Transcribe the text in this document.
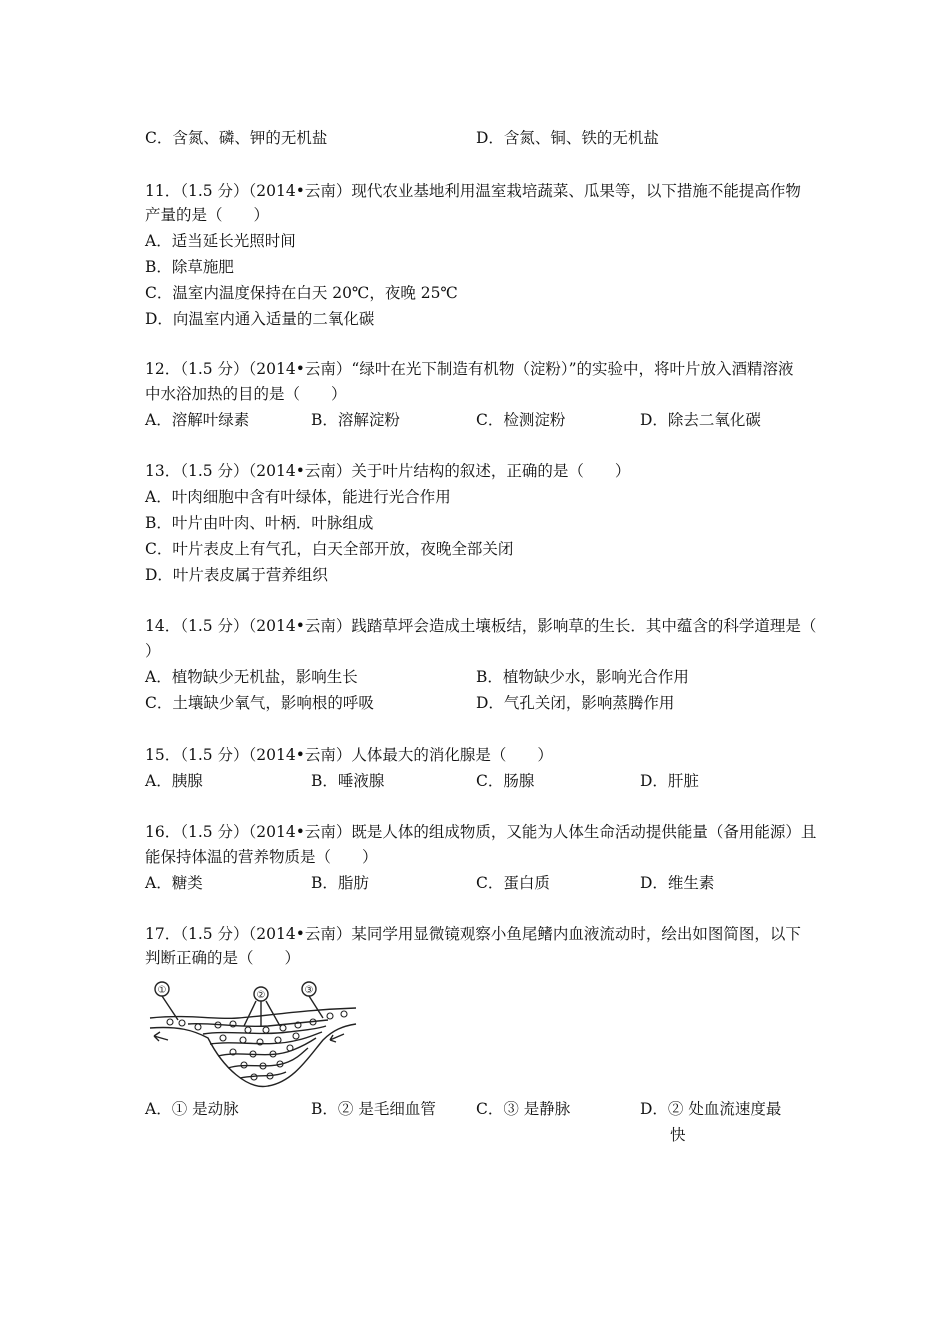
C．含氮、磷、钾的无机盐	D．含氮、铜、铁的无机盐
11．（1.5 分）（2014•云南）现代农业基地利用温室栽培蔬菜、瓜果等，以下措施不能提高作物
产量的是（　　）
A．适当延长光照时间
B．除草施肥
C．温室内温度保持在白天 20℃，夜晚 25℃
D．向温室内通入适量的二氧化碳
12．（1.5 分）（2014•云南）“绿叶在光下制造有机物（淀粉）”的实验中，将叶片放入酒精溶液
中水浴加热的目的是（　　）
A．溶解叶绿素	B．溶解淀粉	C．检测淀粉	D．除去二氧化碳
13．（1.5 分）（2014•云南）关于叶片结构的叙述，正确的是（　　）
A．叶肉细胞中含有叶绿体，能进行光合作用
B．叶片由叶肉、叶柄．叶脉组成
C．叶片表皮上有气孔，白天全部开放，夜晚全部关闭
D．叶片表皮属于营养组织
14．（1.5 分）（2014•云南）践踏草坪会造成土壤板结，影响草的生长．其中蕴含的科学道理是（
）
A．植物缺少无机盐，影响生长	B．植物缺少水，影响光合作用
C．土壤缺少氧气，影响根的呼吸	D．气孔关闭，影响蒸腾作用
15．（1.5 分）（2014•云南）人体最大的消化腺是（　　）
A．胰腺	B．唾液腺	C．肠腺	D．肝脏
16．（1.5 分）（2014•云南）既是人体的组成物质，又能为人体生命活动提供能量（备用能源）且
能保持体温的营养物质是（　　）
A．糖类	B．脂肪	C．蛋白质	D．维生素
17．（1.5 分）（2014•云南）某同学用显微镜观察小鱼尾鳍内血液流动时，绘出如图简图，以下
判断正确的是（　　）
①	②	③
A．① 是动脉	B．② 是毛细血管	C．③ 是静脉	D．② 处血流速度最
快
